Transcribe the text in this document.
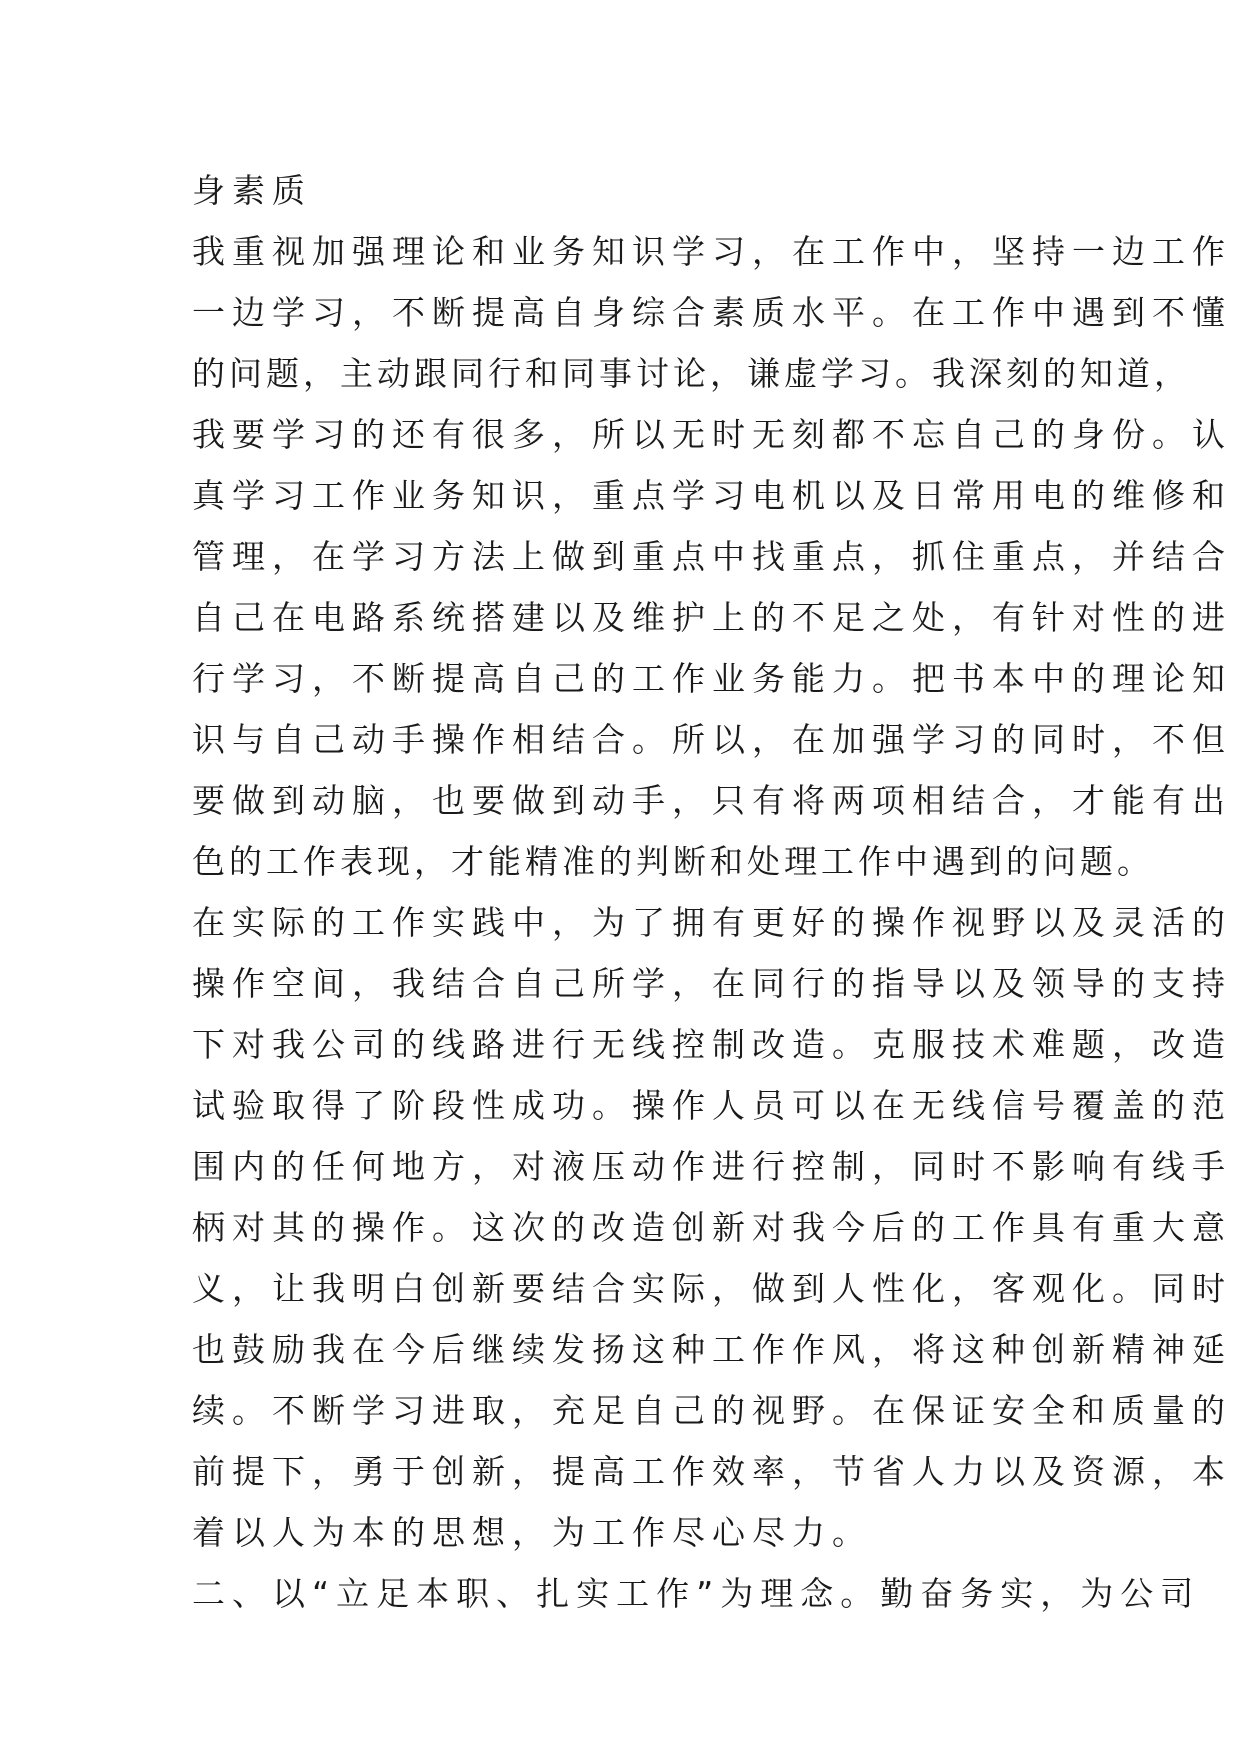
身素质
我重视加强理论和业务知识学习，在工作中，坚持一边工作
一边学习，不断提高自身综合素质水平。在工作中遇到不懂
的问题，主动跟同行和同事讨论，谦虚学习。我深刻的知道，
我要学习的还有很多，所以无时无刻都不忘自己的身份。认
真学习工作业务知识，重点学习电机以及日常用电的维修和
管理，在学习方法上做到重点中找重点，抓住重点，并结合
自己在电路系统搭建以及维护上的不足之处，有针对性的进
行学习，不断提高自己的工作业务能力。把书本中的理论知
识与自己动手操作相结合。所以，在加强学习的同时，不但
要做到动脑，也要做到动手，只有将两项相结合，才能有出
色的工作表现，才能精准的判断和处理工作中遇到的问题。
在实际的工作实践中，为了拥有更好的操作视野以及灵活的
操作空间，我结合自己所学，在同行的指导以及领导的支持
下对我公司的线路进行无线控制改造。克服技术难题，改造
试验取得了阶段性成功。操作人员可以在无线信号覆盖的范
围内的任何地方，对液压动作进行控制，同时不影响有线手
柄对其的操作。这次的改造创新对我今后的工作具有重大意
义，让我明白创新要结合实际，做到人性化，客观化。同时
也鼓励我在今后继续发扬这种工作作风，将这种创新精神延
续。不断学习进取，充足自己的视野。在保证安全和质量的
前提下，勇于创新，提高工作效率，节省人力以及资源，本
着以人为本的思想，为工作尽心尽力。
二、以“立足本职、扎实工作”为理念。勤奋务实，为公司
